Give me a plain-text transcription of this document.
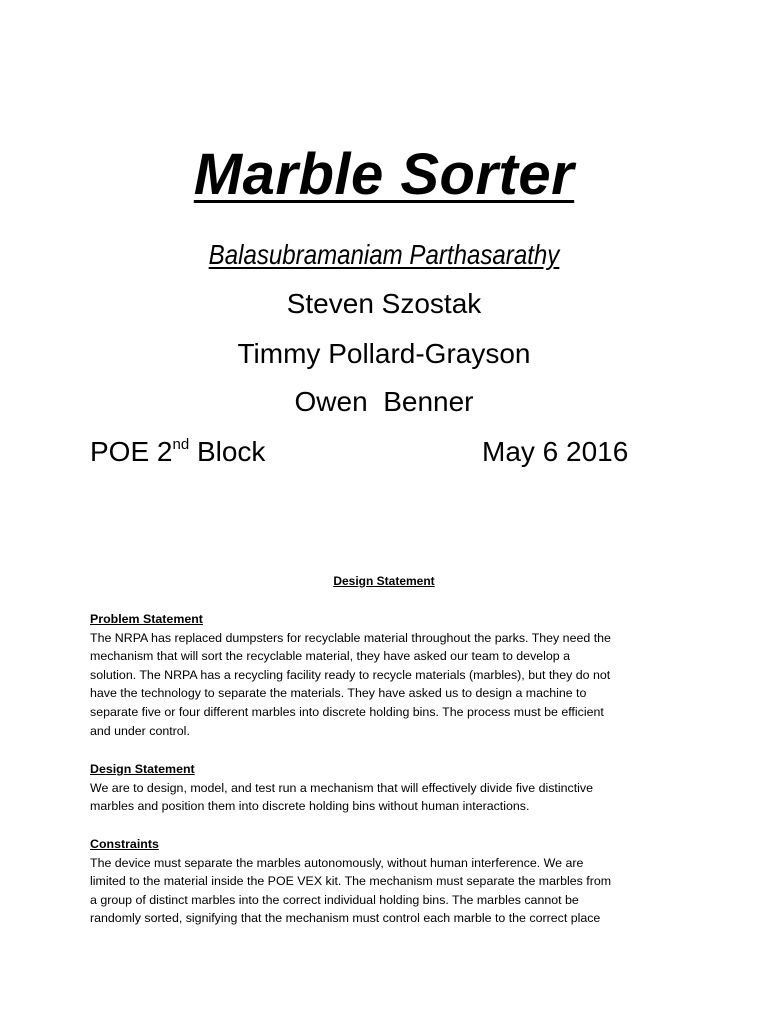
Marble Sorter
Balasubramaniam Parthasarathy
Steven Szostak
Timmy Pollard-Grayson
Owen  Benner
POE 2nd Block	May 6 2016
Design Statement
Problem Statement
The NRPA has replaced dumpsters for recyclable material throughout the parks. They need the
mechanism that will sort the recyclable material, they have asked our team to develop a
solution. The NRPA has a recycling facility ready to recycle materials (marbles), but they do not
have the technology to separate the materials. They have asked us to design a machine to
separate five or four different marbles into discrete holding bins. The process must be efficient
and under control.
Design Statement
We are to design, model, and test run a mechanism that will effectively divide five distinctive
marbles and position them into discrete holding bins without human interactions.
Constraints
The device must separate the marbles autonomously, without human interference. We are
limited to the material inside the POE VEX kit. The mechanism must separate the marbles from
a group of distinct marbles into the correct individual holding bins. The marbles cannot be
randomly sorted, signifying that the mechanism must control each marble to the correct place
